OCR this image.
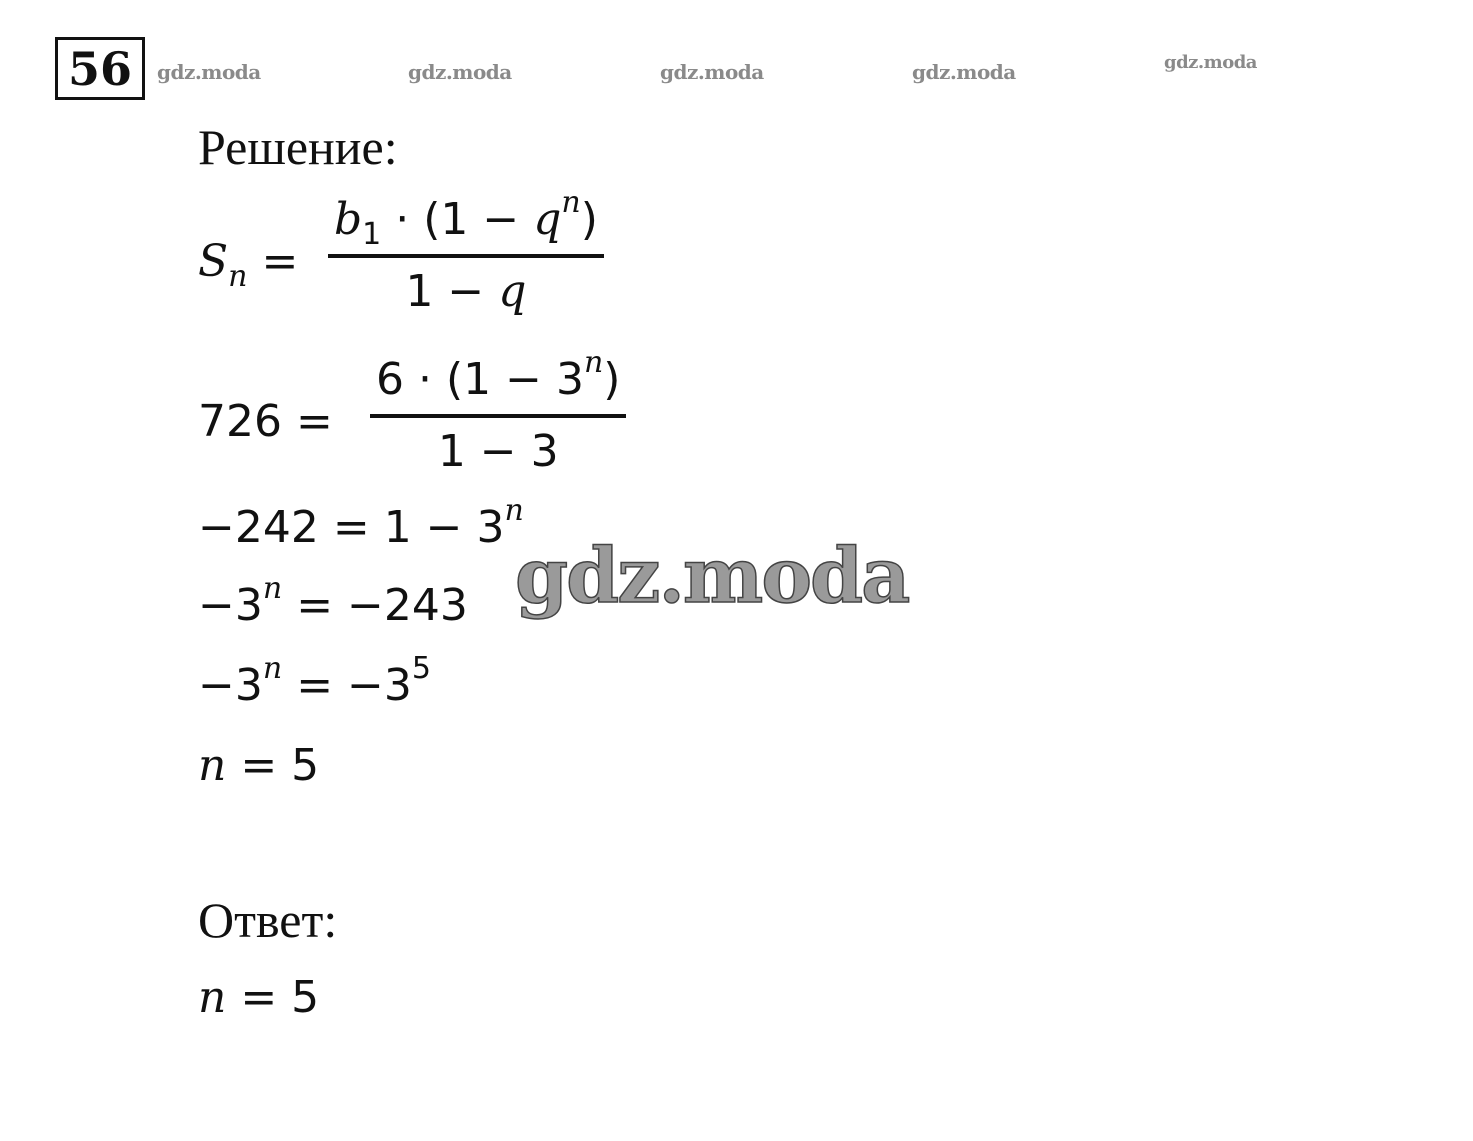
56	gdz.moda	gdz.moda	gdz.moda	gdz.moda	gdz.moda
Решение:
$S_n$ =
$b_1 \cdot (1 - q^n)$
1 − q
726 =
$6 \cdot (1 - 3^n)$
1 − 3
$-242 = 1 - 3^n$
$-3^n = -243$
$-3^n = -3^5$
n = 5
Ответ:
n = 5
gdz.moda
